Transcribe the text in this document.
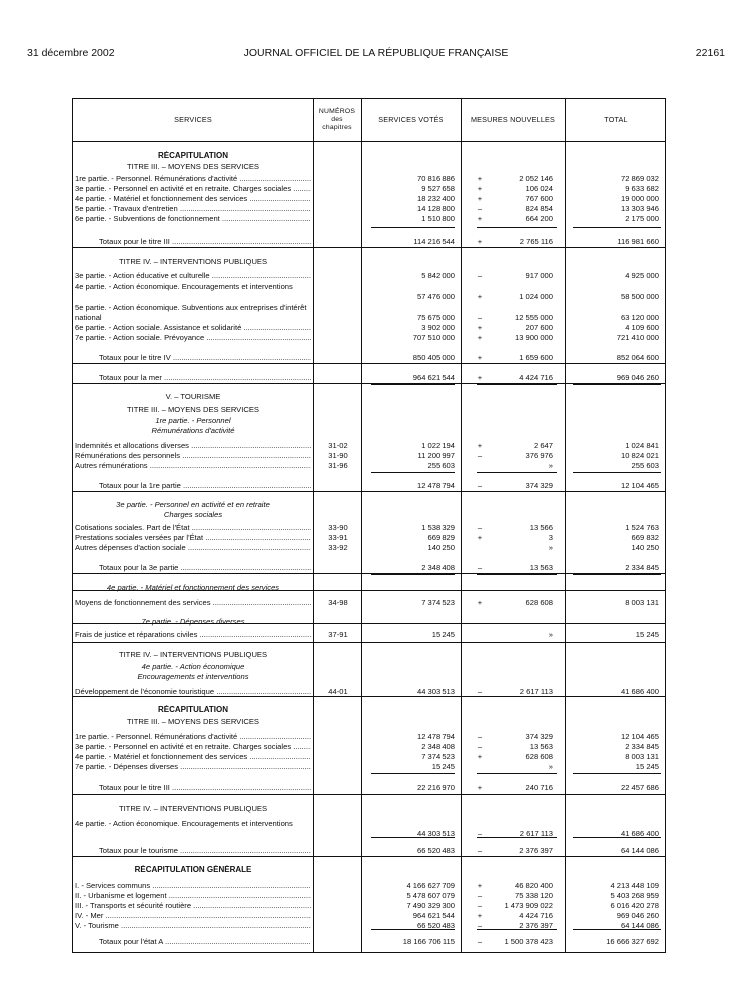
31 décembre 2002	JOURNAL OFFICIEL DE LA RÉPUBLIQUE FRANÇAISE	22161
SERVICES	SERVICES VOTÉS	MESURES NOUVELLES	TOTAL
NUMÉROS des chapitres
RÉCAPITULATION
TITRE III. – MOYENS DES SERVICES
1re partie. - Personnel. Rémunérations d'activité .....	70 816 886	+	2 052 146	72 869 032
3e partie. - Personnel en activité et en retraite. Charges sociales .....	9 527 658	+	106 024	9 633 682
4e partie. - Matériel et fonctionnement des services .....	18 232 400	+	767 600	19 000 000
5e partie. - Travaux d'entretien .....	14 128 800	–	824 854	13 303 946
6e partie. - Subventions de fonctionnement .....	1 510 800	+	664 200	2 175 000
Totaux pour le titre III .....	114 216 544	+	2 765 116	116 981 660
TITRE IV. – INTERVENTIONS PUBLIQUES
3e partie. - Action éducative et culturelle .....	5 842 000	–	917 000	4 925 000
4e partie. - Action économique. Encouragements et interventions
57 476 000	+	1 024 000	58 500 000
5e partie. - Action économique. Subventions aux entreprises d'intérêt national	75 675 000	–	12 555 000	63 120 000
6e partie. - Action sociale. Assistance et solidarité .....	3 902 000	+	207 600	4 109 600
7e partie. - Action sociale. Prévoyance .....	707 510 000	+	13 900 000	721 410 000
Totaux pour le titre IV .....	850 405 000	+	1 659 600	852 064 600
Totaux pour la mer .....	964 621 544	+	4 424 716	969 046 260
V. – TOURISME
TITRE III. – MOYENS DES SERVICES
1re partie. - Personnel
Rémunérations d'activité
Indemnités et allocations diverses .....	31-02	1 022 194	+	2 647	1 024 841
Rémunérations des personnels .....	31-90	11 200 997	–	376 976	10 824 021
Autres rémunérations .....	31-96	255 603	»	255 603
Totaux pour la 1re partie .....	12 478 794	–	374 329	12 104 465
3e partie. - Personnel en activité et en retraite
Charges sociales
Cotisations sociales. Part de l'État .....	33-90	1 538 329	–	13 566	1 524 763
Prestations sociales versées par l'État .....	33-91	669 829	+	3	669 832
Autres dépenses d'action sociale .....	33-92	140 250	»	140 250
Totaux pour la 3e partie .....	2 348 408	–	13 563	2 334 845
4e partie. - Matériel et fonctionnement des services
Moyens de fonctionnement des services .....	34-98	7 374 523	+	628 608	8 003 131
7e partie. - Dépenses diverses
Frais de justice et réparations civiles .....	37-91	15 245	»	15 245
TITRE IV. – INTERVENTIONS PUBLIQUES
4e partie. - Action économique
Encouragements et interventions
Développement de l'économie touristique .....	44-01	44 303 513	–	2 617 113	41 686 400
RÉCAPITULATION
TITRE III. – MOYENS DES SERVICES
1re partie. - Personnel. Rémunérations d'activité .....	12 478 794	–	374 329	12 104 465
3e partie. - Personnel en activité et en retraite. Charges sociales .....	2 348 408	–	13 563	2 334 845
4e partie. - Matériel et fonctionnement des services .....	7 374 523	+	628 608	8 003 131
7e partie. - Dépenses diverses .....	15 245	»	15 245
Totaux pour le titre III .....	22 216 970	+	240 716	22 457 686
TITRE IV. – INTERVENTIONS PUBLIQUES
4e partie. - Action économique. Encouragements et interventions
44 303 513	–	2 617 113	41 686 400
Totaux pour le tourisme .....	66 520 483	–	2 376 397	64 144 086
RÉCAPITULATION GÉNÉRALE
I. - Services communs .....	4 166 627 709	+	46 820 400	4 213 448 109
II. - Urbanisme et logement .....	5 478 607 079	–	75 338 120	5 403 268 959
III. - Transports et sécurité routière .....	7 490 329 300	–	1 473 909 022	6 016 420 278
IV. - Mer .....	964 621 544	+	4 424 716	969 046 260
V. - Tourisme .....	66 520 483	–	2 376 397	64 144 086
Totaux pour l'état A .....	18 166 706 115	–	1 500 378 423	16 666 327 692
